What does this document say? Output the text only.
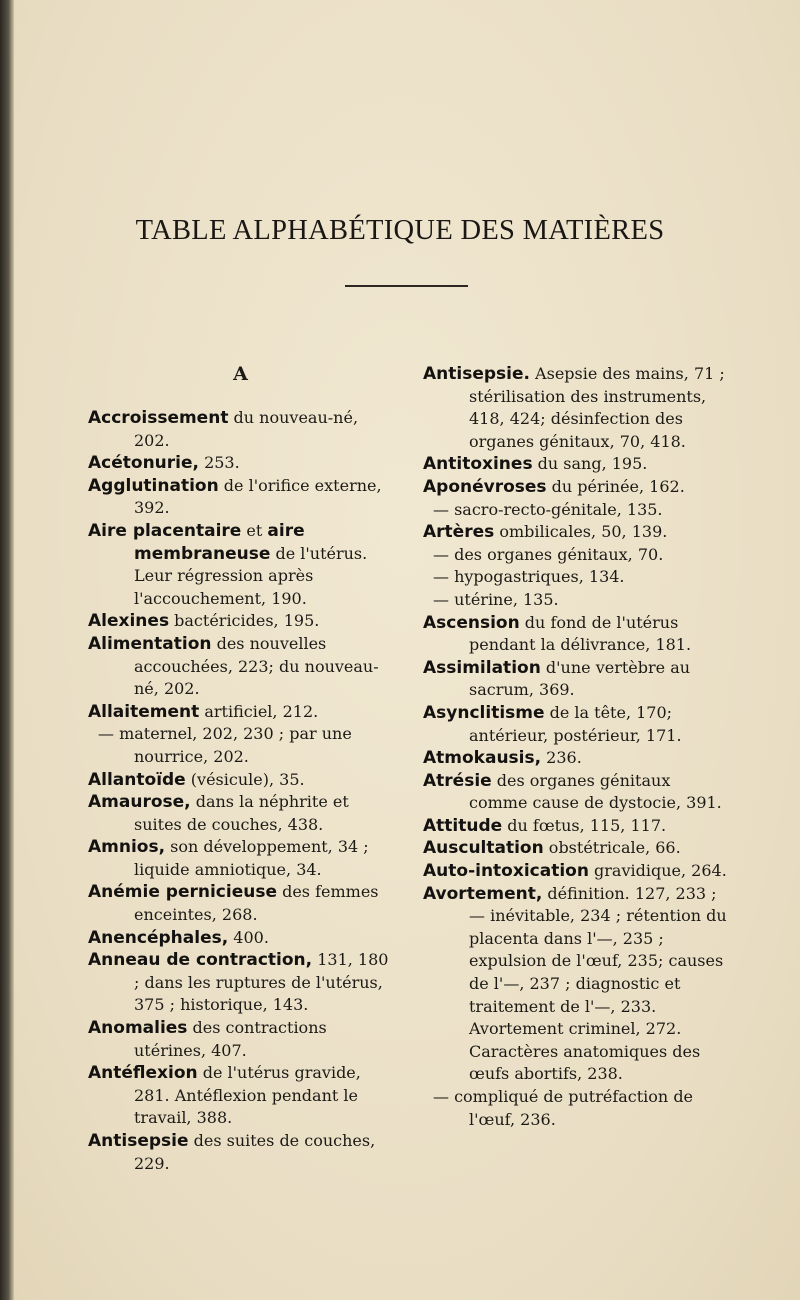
TABLE ALPHABÉTIQUE DES MATIÈRES
A

Accroissement du nouveau-né, 202.

Acétonurie, 253.

Agglutination de l'orifice externe, 392.

Aire placentaire et aire membraneuse de l'utérus. Leur régression après l'accouchement, 190.

Alexines bactéricides, 195.

Alimentation des nouvelles accouchées, 223; du nouveau-né, 202.

Allaitement artificiel, 212.

— maternel, 202, 230 ; par une nourrice, 202.

Allantoïde (vésicule), 35.

Amaurose, dans la néphrite et suites de couches, 438.

Amnios, son développement, 34 ; liquide amniotique, 34.

Anémie pernicieuse des femmes enceintes, 268.

Anencéphales, 400.

Anneau de contraction, 131, 180 ; dans les ruptures de l'utérus, 375 ; historique, 143.

Anomalies des contractions utérines, 407.

Antéflexion de l'utérus gravide, 281. Antéflexion pendant le travail, 388.

Antisepsie des suites de couches, 229.

Antisepsie. Asepsie des mains, 71 ; stérilisation des instruments, 418, 424; désinfection des organes génitaux, 70, 418.

Antitoxines du sang, 195.

Aponévroses du périnée, 162.

— sacro-recto-génitale, 135.

Artères ombilicales, 50, 139.

— des organes génitaux, 70.

— hypogastriques, 134.

— utérine, 135.

Ascension du fond de l'utérus pendant la délivrance, 181.

Assimilation d'une vertèbre au sacrum, 369.

Asynclitisme de la tête, 170; antérieur, postérieur, 171.

Atmokausis, 236.

Atrésie des organes génitaux comme cause de dystocie, 391.

Attitude du fœtus, 115, 117.

Auscultation obstétricale, 66.

Auto-intoxication gravidique, 264.

Avortement, définition. 127, 233 ;— inévitable, 234 ; rétention du placenta dans l'—, 235 ; expulsion de l'œuf, 235; causes de l'—, 237 ; diagnostic et traitement de l'—, 233. Avortement criminel, 272. Caractères anatomiques des œufs abortifs, 238.

— compliqué de putréfaction de l'œuf, 236.
